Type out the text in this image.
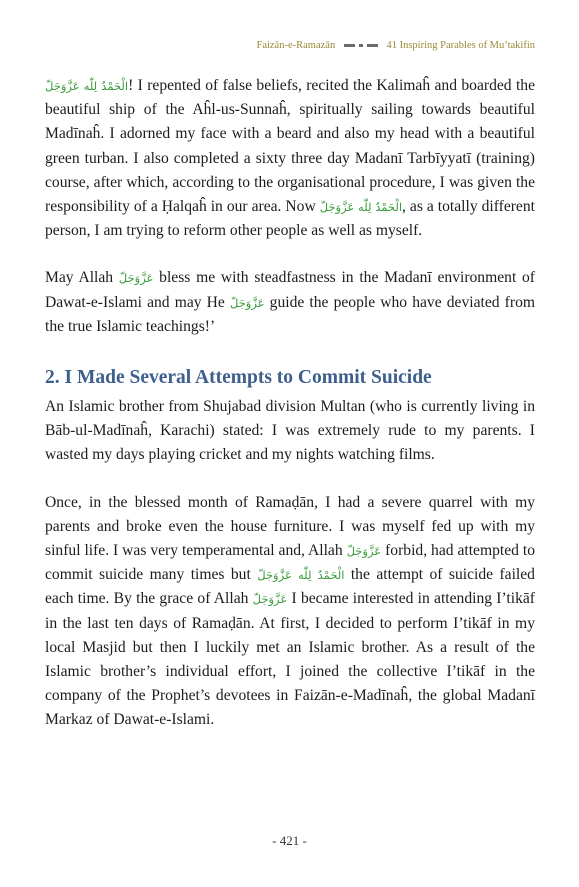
Faizān-e-Ramazān	41 Inspiring Parables of Mu’takifin

الْحَمْدُ لِلّٰه عَزَّوَجَلّ! I repented of false beliefs, recited the Kalimaĥ and boarded the beautiful ship of the Aĥl-us-Sunnaĥ, spiritually sailing towards beautiful Madīnaĥ. I adorned my face with a beard and also my head with a beautiful green turban. I also completed a sixty three day Madanī Tarbīyyatī (training) course, after which, according to the organisational procedure, I was given the responsibility of a Ḥalqaĥ in our area. Now الْحَمْدُ لِلّٰه عَزَّوَجَلّ, as a totally different person, I am trying to reform other people as well as myself.

May Allah عَزَّوَجَلّ bless me with steadfastness in the Madanī environment of Dawat-e-Islami and may He عَزَّوَجَلّ guide the people who have deviated from the true Islamic teachings!’

2. I Made Several Attempts to Commit Suicide

An Islamic brother from Shujabad division Multan (who is currently living in Bāb-ul-Madīnaĥ, Karachi) stated: I was extremely rude to my parents. I wasted my days playing cricket and my nights watching films.

Once, in the blessed month of Ramaḍān, I had a severe quarrel with my parents and broke even the house furniture. I was myself fed up with my sinful life. I was very temperamental and, Allah عَزَّوَجَلّ forbid, had attempted to commit suicide many times but الْحَمْدُ لِلّٰه عَزَّوَجَلّ the attempt of suicide failed each time. By the grace of Allah عَزَّوَجَلّ I became interested in attending I’tikāf in the last ten days of Ramaḍān. At first, I decided to perform I’tikāf in my local Masjid but then I luckily met an Islamic brother. As a result of the Islamic brother’s individual effort, I joined the collective I’tikāf in the company of the Prophet’s devotees in Faizān-e-Madīnaĥ, the global Madanī Markaz of Dawat-e-Islami.

- 421 -
